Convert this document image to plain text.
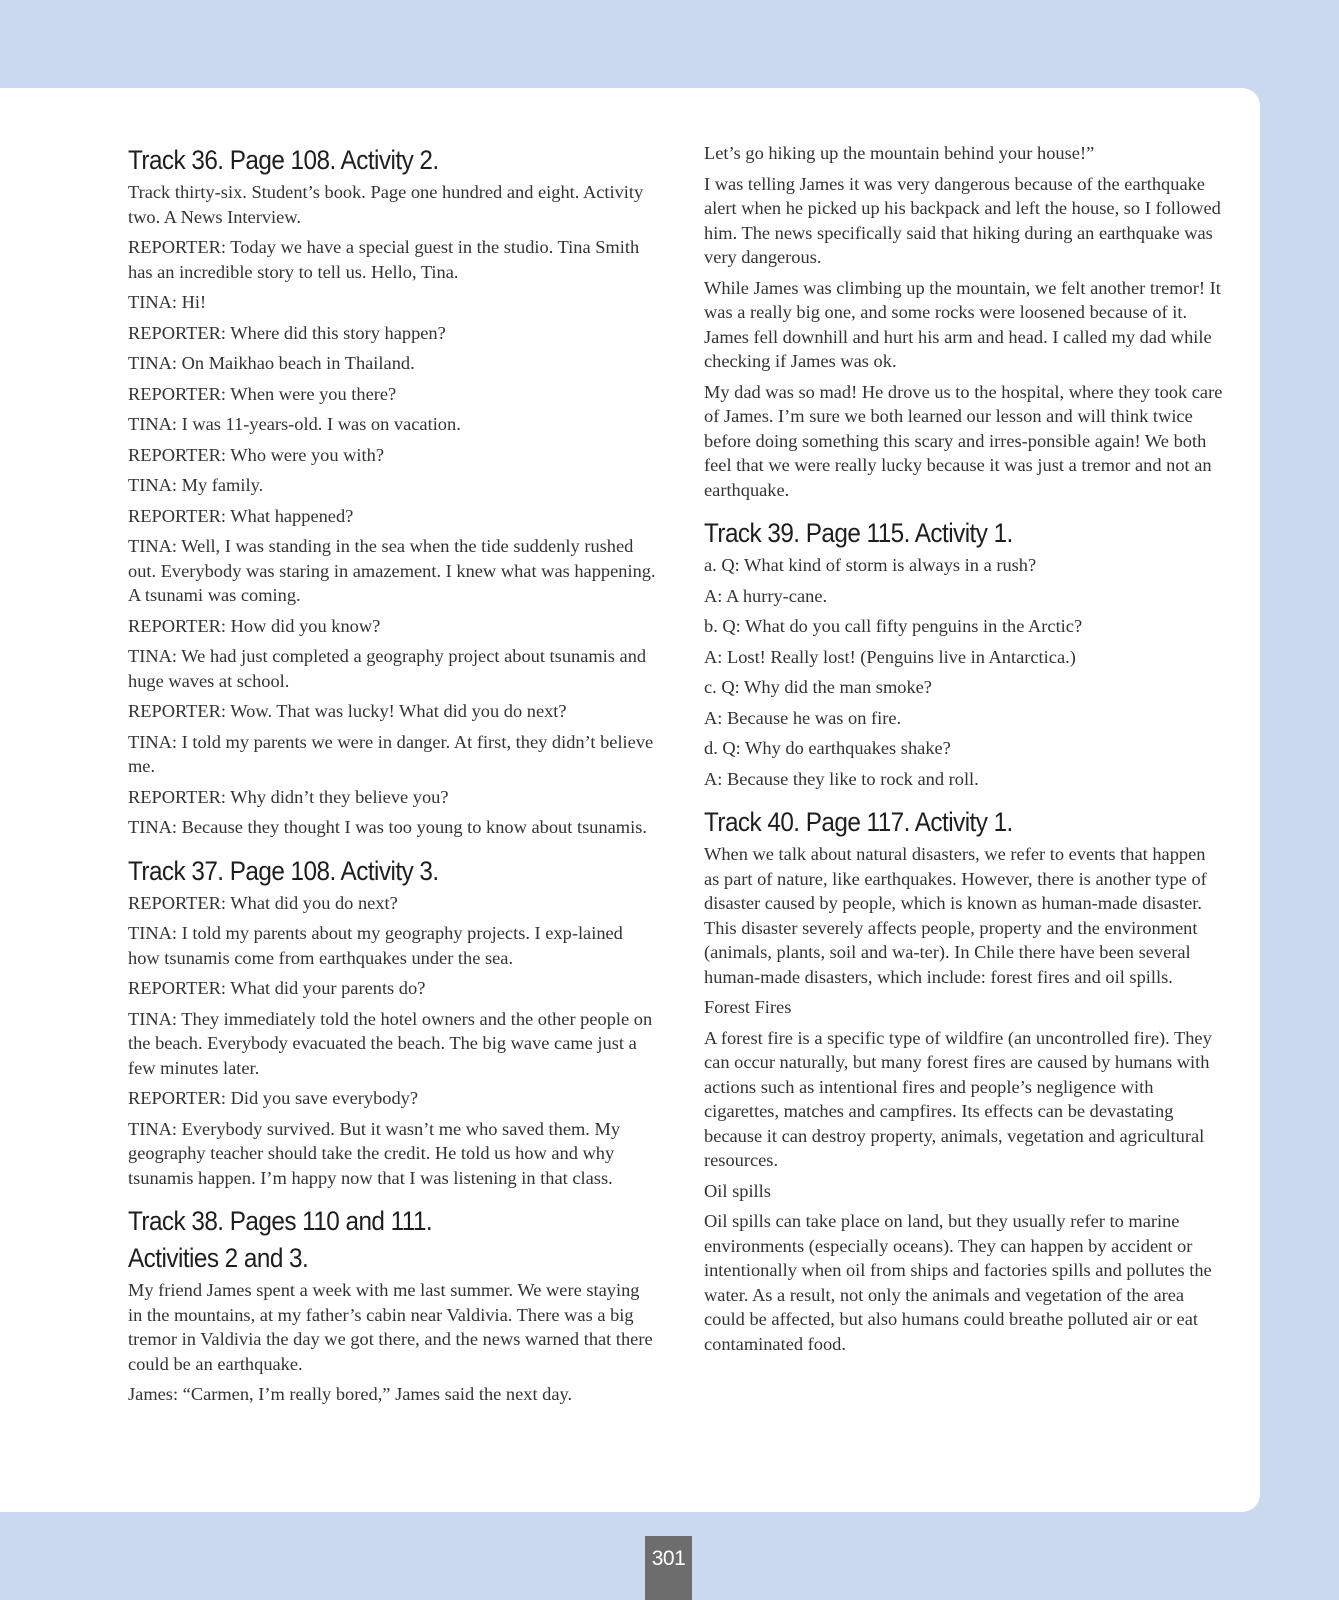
Track 36. Page 108. Activity 2.

Track thirty-six. Student’s book. Page one hundred and eight. Activity two. A News Interview.

REPORTER: Today we have a special guest in the studio. Tina Smith has an incredible story to tell us. Hello, Tina.

TINA: Hi!

REPORTER: Where did this story happen?

TINA: On Maikhao beach in Thailand.

REPORTER: When were you there?

TINA: I was 11-years-old. I was on vacation.

REPORTER: Who were you with?

TINA: My family.

REPORTER: What happened?

TINA: Well, I was standing in the sea when the tide suddenly rushed out. Everybody was staring in amazement. I knew what was happening. A tsunami was coming.

REPORTER: How did you know?

TINA: We had just completed a geography project about tsunamis and huge waves at school.

REPORTER: Wow. That was lucky! What did you do next?

TINA: I told my parents we were in danger. At first, they didn’t believe me.

REPORTER: Why didn’t they believe you?

TINA: Because they thought I was too young to know about tsunamis.

Track 37. Page 108. Activity 3.

REPORTER: What did you do next?

TINA: I told my parents about my geography projects. I exp-lained how tsunamis come from earthquakes under the sea.

REPORTER: What did your parents do?

TINA: They immediately told the hotel owners and the other people on the beach. Everybody evacuated the beach. The big wave came just a few minutes later.

REPORTER: Did you save everybody?

TINA: Everybody survived. But it wasn’t me who saved them. My geography teacher should take the credit. He told us how and why tsunamis happen. I’m happy now that I was listening in that class.

Track 38. Pages 110 and 111.
Activities 2 and 3.

My friend James spent a week with me last summer. We were staying in the mountains, at my father’s cabin near Valdivia. There was a big tremor in Valdivia the day we got there, and the news warned that there could be an earthquake.

James: “Carmen, I’m really bored,” James said the next day.

Let’s go hiking up the mountain behind your house!”

I was telling James it was very dangerous because of the earthquake alert when he picked up his backpack and left the house, so I followed him. The news specifically said that hiking during an earthquake was very dangerous.

While James was climbing up the mountain, we felt another tremor! It was a really big one, and some rocks were loosened because of it. James fell downhill and hurt his arm and head. I called my dad while checking if James was ok.

My dad was so mad! He drove us to the hospital, where they took care of James. I’m sure we both learned our lesson and will think twice before doing something this scary and irres-ponsible again! We both feel that we were really lucky because it was just a tremor and not an earthquake.

Track 39. Page 115. Activity 1.

a. Q: What kind of storm is always in a rush?

A: A hurry-cane.

b. Q: What do you call fifty penguins in the Arctic?

A: Lost! Really lost! (Penguins live in Antarctica.)

c. Q: Why did the man smoke?

A: Because he was on fire.

d. Q: Why do earthquakes shake?

A: Because they like to rock and roll.

Track 40. Page 117. Activity 1.

When we talk about natural disasters, we refer to events that happen as part of nature, like earthquakes. However, there is another type of disaster caused by people, which is known as human-made disaster. This disaster severely affects people, property and the environment (animals, plants, soil and wa-ter). In Chile there have been several human-made disasters, which include: forest fires and oil spills.

Forest Fires

A forest fire is a specific type of wildfire (an uncontrolled fire). They can occur naturally, but many forest fires are caused by humans with actions such as intentional fires and people’s negligence with cigarettes, matches and campfires. Its effects can be devastating because it can destroy property, animals, vegetation and agricultural resources.

Oil spills

Oil spills can take place on land, but they usually refer to marine environments (especially oceans). They can happen by accident or intentionally when oil from ships and factories spills and pollutes the water. As a result, not only the animals and vegetation of the area could be affected, but also humans could breathe polluted air or eat contaminated food.

301
